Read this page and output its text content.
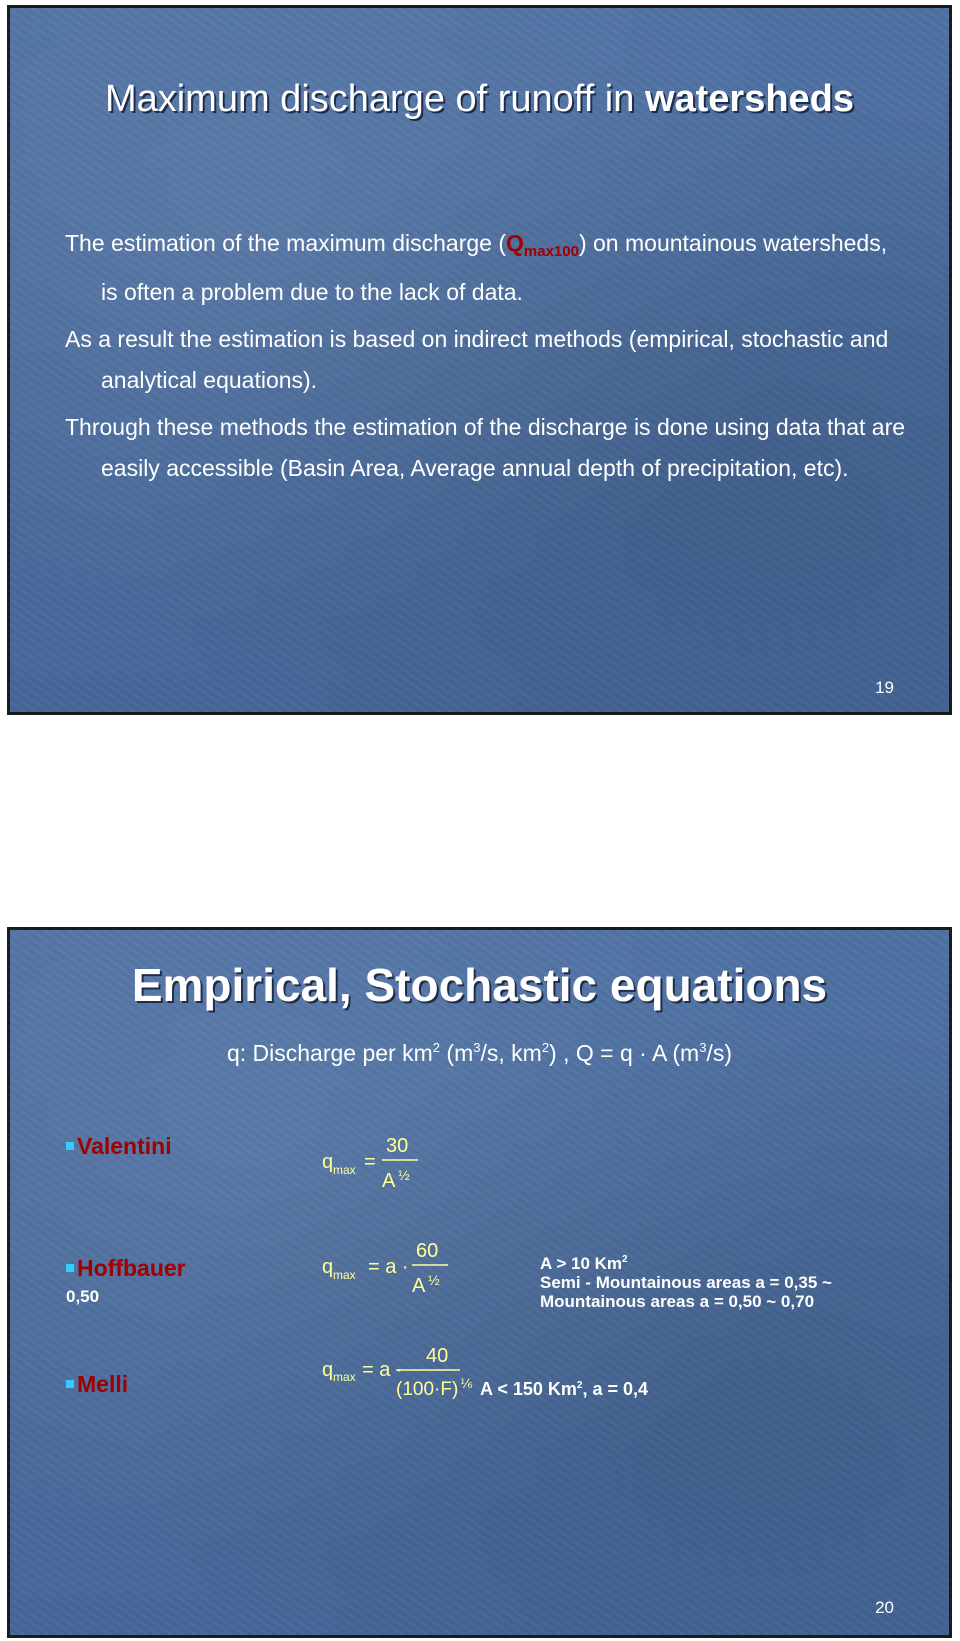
Maximum discharge of runoff in watersheds

The estimation of the maximum discharge $(Q_{max100})$ on mountainous watersheds, is often a problem due to the lack of data.

As a result the estimation is based on indirect methods (empirical, stochastic and analytical equations).

Through these methods the estimation of the discharge is done using data that are easily accessible (Basin Area, Average annual depth of precipitation, etc).

19
Empirical, Stochastic equations
q: Discharge per $km^2$ ($m^3/s$, $km^2$) , Q = q · A $(m^3/s)$
Valentini
q max =
30
A ½
Hoffbauer
0,50
q max = a ·
60
A ½
A > 10 Km$^2$
Semi - Mountainous areas a = 0,35 ~
Mountainous areas a = 0,50 ~ 0,70
Melli
q max = a ·
40
(100·F) ⅙ A < 150 Km$^2$, a = 0,4
20
